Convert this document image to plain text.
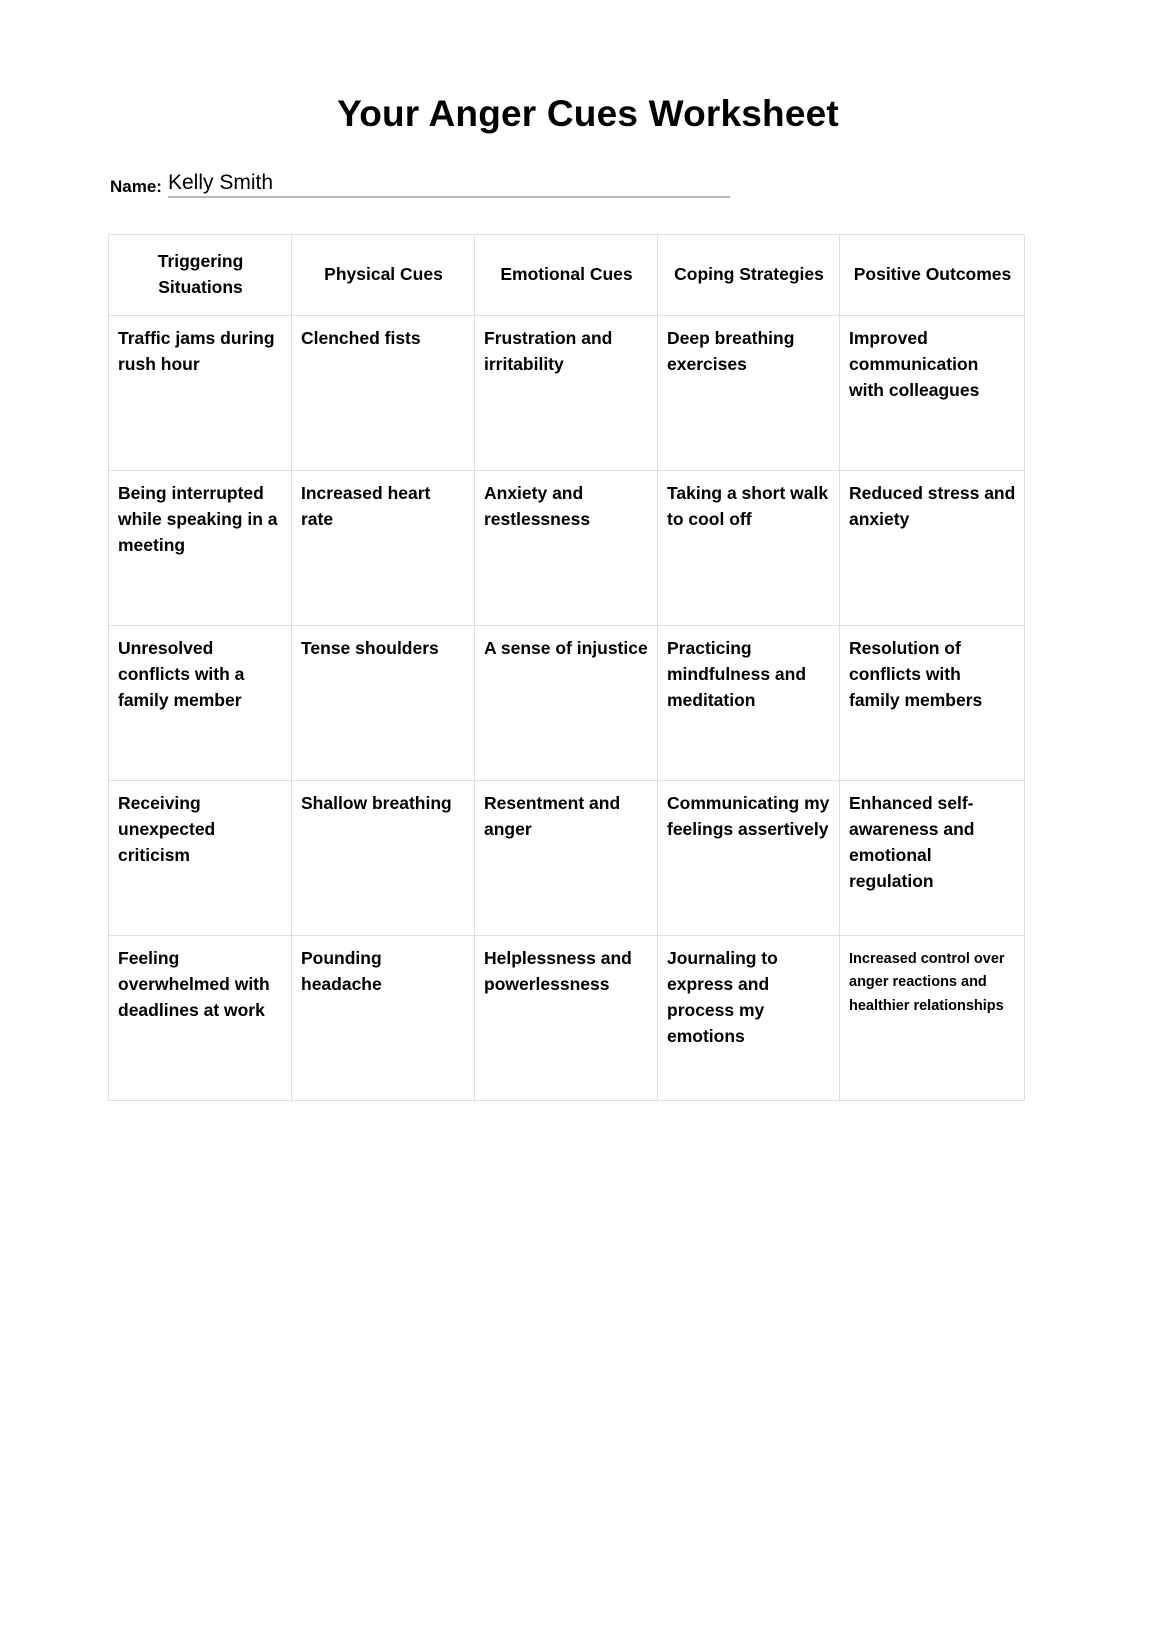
Your Anger Cues Worksheet
Name: Kelly Smith
Triggering Situations	Physical Cues	Emotional Cues	Coping Strategies	Positive Outcomes
Traffic jams during rush hour	Clenched fists	Frustration and irritability	Deep breathing exercises	Improved communication with colleagues
Being interrupted while speaking in a meeting	Increased heart rate	Anxiety and restlessness	Taking a short walk to cool off	Reduced stress and anxiety
Unresolved conflicts with a family member	Tense shoulders	A sense of injustice	Practicing mindfulness and meditation	Resolution of conflicts with family members
Receiving unexpected criticism	Shallow breathing	Resentment and anger	Communicating my feelings assertively	Enhanced self-awareness and emotional regulation
Feeling overwhelmed with deadlines at work	Pounding headache	Helplessness and powerlessness	Journaling to express and process my emotions	Increased control over anger reactions and healthier relationships
